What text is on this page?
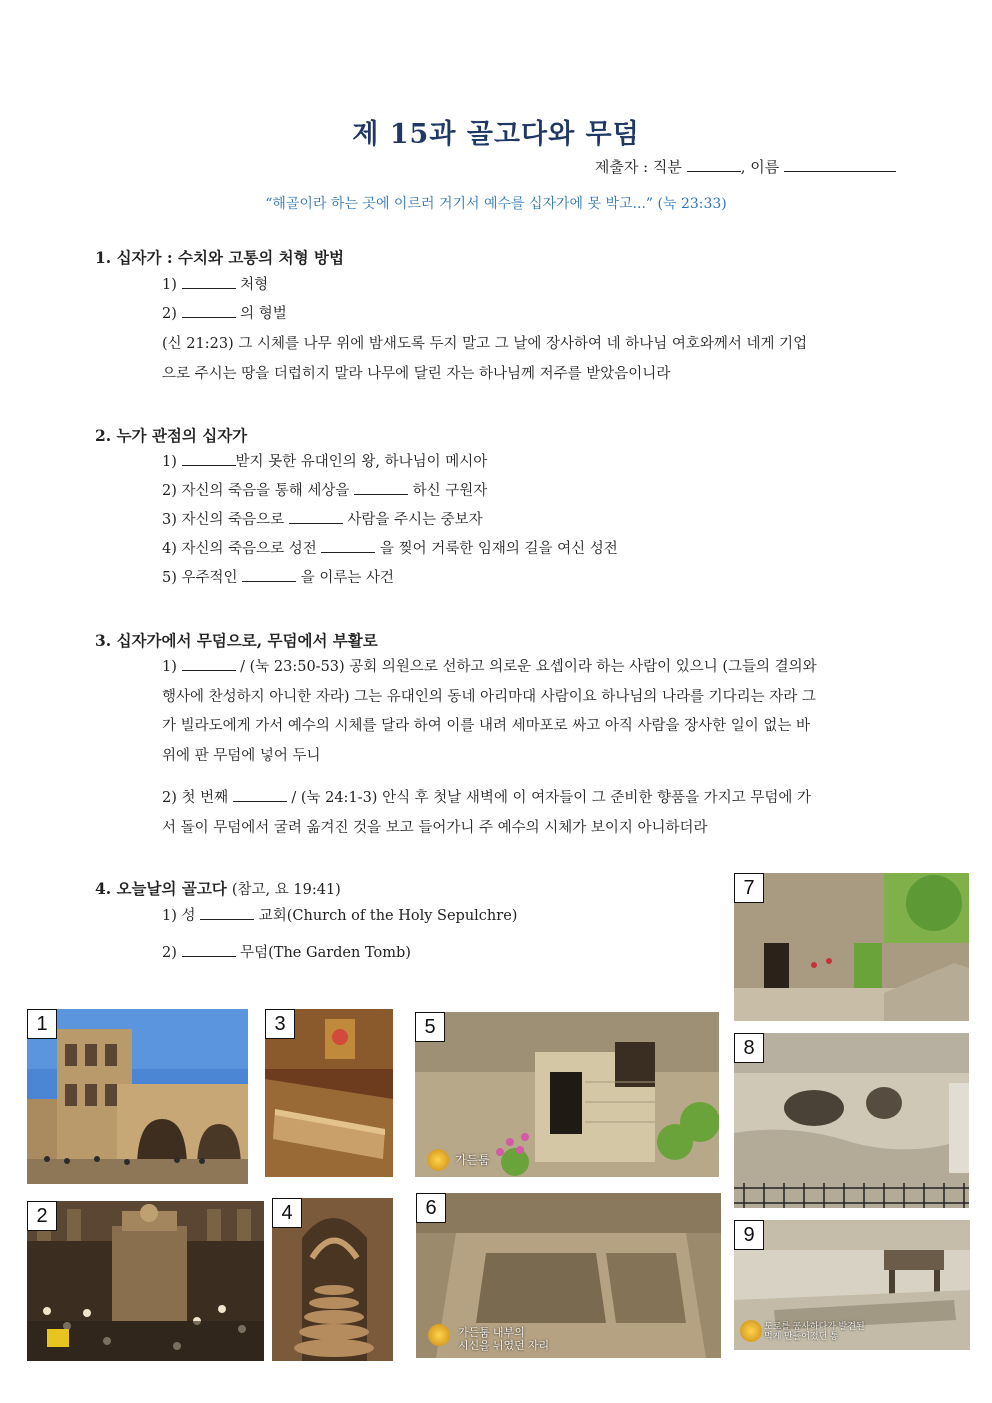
제 15과 골고다와 무덤
제출자 : 직분	, 이름
“해골이라 하는 곳에 이르러 거기서 예수를 십자가에 못 박고...” (눅 23:33)
1. 십자가 : 수치와 고통의 처형 방법
1)	처형
2)	의 형벌
(신 21:23) 그 시체를 나무 위에 밤새도록 두지 말고 그 날에 장사하여 네 하나님 여호와께서 네게 기업
으로 주시는 땅을 더럽히지 말라 나무에 달린 자는 하나님께 저주를 받았음이니라
2. 누가 관점의 십자가
1)	받지 못한 유대인의 왕, 하나님이 메시아
2) 자신의 죽음을 통해 세상을	하신 구원자
3) 자신의 죽음으로	사람을 주시는 중보자
4) 자신의 죽음으로 성전	을 찢어 거룩한 임재의 길을 여신 성전
5) 우주적인	을 이루는 사건
3. 십자가에서 무덤으로, 무덤에서 부활로
1)	/ (눅 23:50-53) 공회 의원으로 선하고 의로운 요셉이라 하는 사람이 있으니 (그들의 결의와
행사에 찬성하지 아니한 자라) 그는 유대인의 동네 아리마대 사람이요 하나님의 나라를 기다리는 자라 그
가 빌라도에게 가서 예수의 시체를 달라 하여 이를 내려 세마포로 싸고 아직 사람을 장사한 일이 없는 바
위에 판 무덤에 넣어 두니
2) 첫 번째	/ (눅 24:1-3) 안식 후 첫날 새벽에 이 여자들이 그 준비한 향품을 가지고 무덤에 가
서 돌이 무덤에서 굴려 옮겨진 것을 보고 들어가니 주 예수의 시체가 보이지 아니하더라
4. 오늘날의 골고다 (참고, 요 19:41)
1) 성	교회(Church of the Holy Sepulchre)
2)	무덤(The Garden Tomb)
1
2
3
4
가든툼
5
가든툼 내부의
시신을 뉘였던 자리
6
7
8
도로를 공사하다가 발견된
먹게 만들어졌던 통
9
